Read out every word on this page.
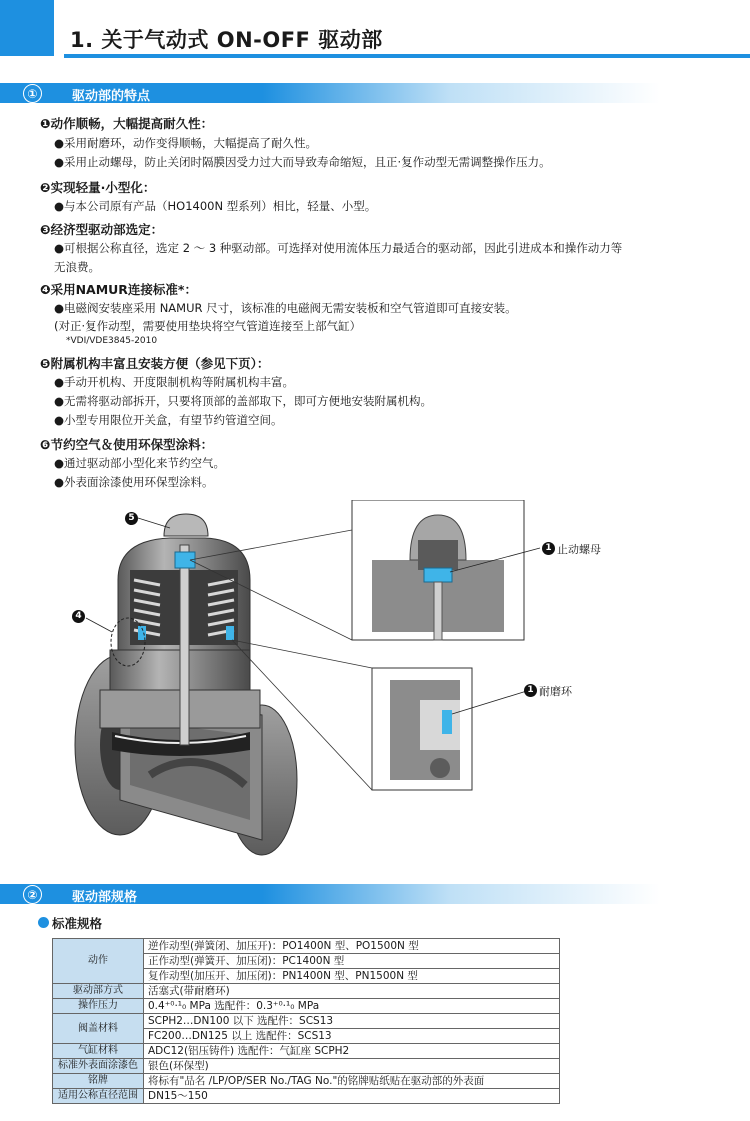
1. 关于气动式 ON-OFF 驱动部
①	驱动部的特点
❶动作顺畅，大幅提高耐久性：
●采用耐磨环，动作变得顺畅，大幅提高了耐久性。
●采用止动螺母，防止关闭时隔膜因受力过大而导致寿命缩短，且正·复作动型无需调整操作压力。
❷实现轻量·小型化：
●与本公司原有产品（HO1400N 型系列）相比，轻量、小型。
❸经济型驱动部选定：
●可根据公称直径，选定 2 ～ 3 种驱动部。可选择对使用流体压力最适合的驱动部，因此引进成本和操作动力等
无浪费。
❹采用NAMUR连接标准*：
●电磁阀安装座采用 NAMUR 尺寸，该标准的电磁阀无需安装板和空气管道即可直接安装。
(对正·复作动型，需要使用垫块将空气管道连接至上部气缸）
*VDI/VDE3845-2010
❺附属机构丰富且安装方便（参见下页）：
●手动开机构、开度限制机构等附属机构丰富。
●无需将驱动部拆开，只要将顶部的盖部取下，即可方便地安装附属机构。
●小型专用限位开关盒，有望节约管道空间。
❻节约空气＆使用环保型涂料：
●通过驱动部小型化来节约空气。
●外表面涂漆使用环保型涂料。
5
4
1 止动螺母
1 耐磨环
②	驱动部规格
标准规格
动作	逆作动型(弹簧闭、加压开)：PO1400N 型、PO1500N 型
	正作动型(弹簧开、加压闭)：PC1400N 型
	复作动型(加压开、加压闭)：PN1400N 型、PN1500N 型
驱动部方式	活塞式(带耐磨环)
操作压力	0.4⁺⁰·¹₀ MPa 选配件：0.3⁺⁰·¹₀ MPa
阀盖材料	SCPH2…DN100 以下 选配件：SCS13
	FC200…DN125 以上 选配件：SCS13
气缸材料	ADC12(铝压铸件) 选配件：气缸座 SCPH2
标准外表面涂漆色	银色(环保型)
铭牌	将标有"品名 /LP/OP/SER No./TAG No."的铭牌贴纸贴在驱动部的外表面
适用公称直径范围	DN15～150
